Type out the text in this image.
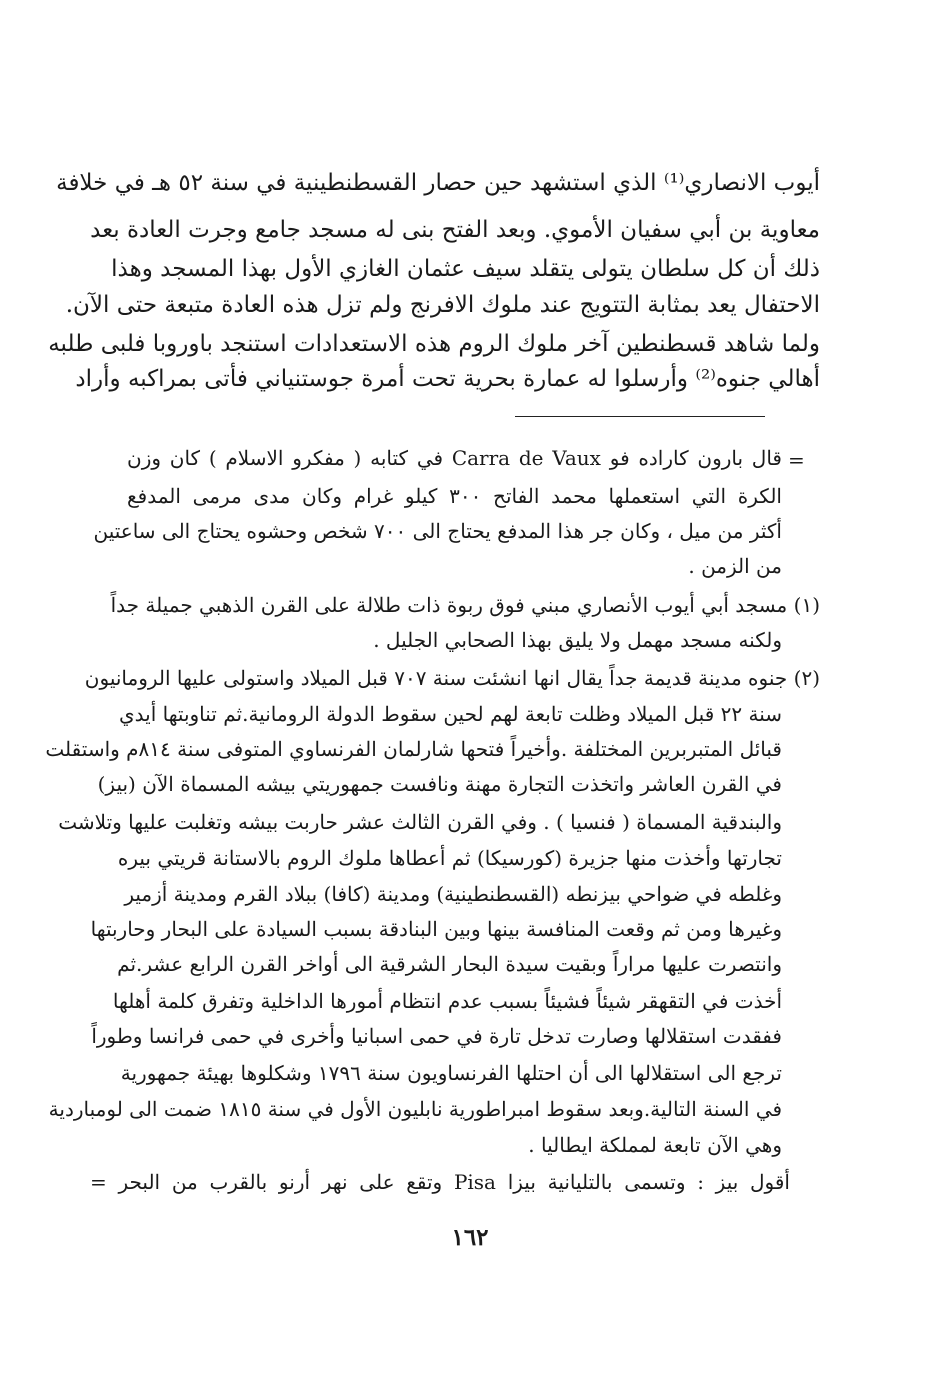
أيوب الانصاري⁽¹⁾ الذي استشهد حين حصار القسطنطينية في سنة ٥٢ هـ في خلافة
معاوية بن أبي سفيان الأموي. وبعد الفتح بنى له مسجد جامع وجرت العادة بعد
ذلك أن كل سلطان يتولى يتقلد سيف عثمان الغازي الأول بهذا المسجد وهذا
الاحتفال يعد بمثابة التتويج عند ملوك الافرنج ولم تزل هذه العادة متبعة حتى الآن.
ولما شاهد قسطنطين آخر ملوك الروم هذه الاستعدادات استنجد باوروبا فلبى طلبه
أهالي جنوه⁽²⁾ وأرسلوا له عمارة بحرية تحت أمرة جوستنياني فأتى بمراكبه وأراد
=
قال بارون كاراده فو Carra de Vaux في كتابه ( مفكرو الاسلام ) كان وزن
الكرة التي استعملها محمد الفاتح ٣٠٠ كيلو غرام وكان مدى مرمى المدفع
أكثر من ميل ، وكان جر هذا المدفع يحتاج الى ٧٠٠ شخص وحشوه يحتاج الى ساعتين
من الزمن .
(١) مسجد أبي أيوب الأنصاري مبني فوق ربوة ذات طلالة على القرن الذهبي جميلة جداً
ولكنه مسجد مهمل ولا يليق بهذا الصحابي الجليل .
(٢) جنوه مدينة قديمة جداً يقال انها انشئت سنة ٧٠٧ قبل الميلاد واستولى عليها الرومانيون
سنة ٢٢ قبل الميلاد وظلت تابعة لهم لحين سقوط الدولة الرومانية.ثم تناوبتها أيدي
قبائل المتبربرين المختلفة .وأخيراً فتحها شارلمان الفرنساوي المتوفى سنة ٨١٤م واستقلت
في القرن العاشر واتخذت التجارة مهنة ونافست جمهوريتي بيشه المسماة الآن (بيز)
والبندقية المسماة ( فنسيا ) . وفي القرن الثالث عشر حاربت بيشه وتغلبت عليها وتلاشت
تجارتها وأخذت منها جزيرة (كورسيكا) ثم أعطاها ملوك الروم بالاستانة قريتي بيره
وغلطه في ضواحي بيزنطه (القسطنطينية) ومدينة (كافا) ببلاد القرم ومدينة أزمير
وغيرها ومن ثم وقعت المنافسة بينها وبين البنادقة بسبب السيادة على البحار وحاربتها
وانتصرت عليها مراراً وبقيت سيدة البحار الشرقية الى أواخر القرن الرابع عشر.ثم
أخذت في التقهقر شيئاً فشيئاً بسبب عدم انتظام أمورها الداخلية وتفرق كلمة أهلها
ففقدت استقلالها وصارت تدخل تارة في حمى اسبانيا وأخرى في حمى فرانسا وطوراً
ترجع الى استقلالها الى أن احتلها الفرنساويون سنة ١٧٩٦ وشكلوها بهيئة جمهورية
في السنة التالية.وبعد سقوط امبراطورية نابليون الأول في سنة ١٨١٥ ضمت الى لومباردية
وهي الآن تابعة لمملكة ايطاليا .
أقول بيز : وتسمى بالتليانية بيزا Pisa وتقع على نهر أرنو بالقرب من البحر =
١٦٢
